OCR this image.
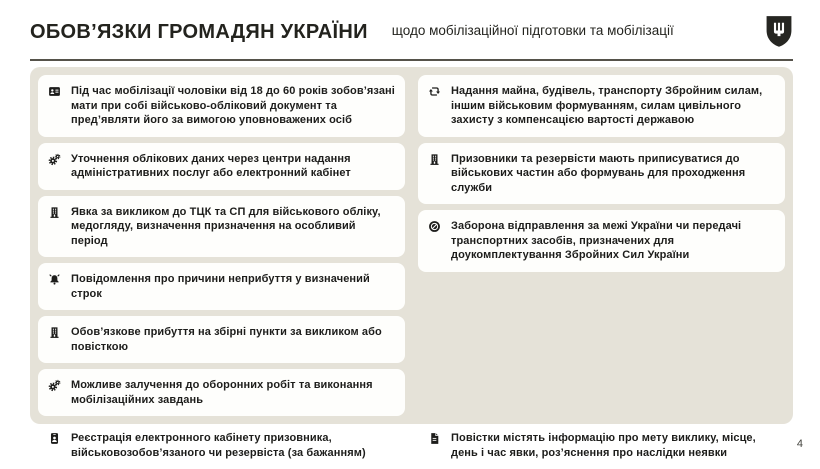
ОБОВ’ЯЗКИ ГРОМАДЯН УКРАЇНИ щодо мобілізаційної підготовки та мобілізації
Під час мобілізації чоловіки від 18 до 60 років зобов’язані мати при собі військово-обліковий документ та пред’являти його за вимогою уповноважених осіб
Уточнення облікових даних через центри надання адміністративних послуг або електронний кабінет
Явка за викликом до ТЦК та СП для військового обліку, медогляду, визначення призначення на особливий період
Повідомлення про причини неприбуття у визначений строк
Обов’язкове прибуття на збірні пункти за викликом або повісткою
Можливе залучення до оборонних робіт та виконання мобілізаційних завдань
Реєстрація електронного кабінету призовника, військовозобов’язаного чи резервіста (за бажанням)
Надання майна, будівель, транспорту Збройним силам, іншим військовим формуванням, силам цивільного захисту з компенсацією вартості державою
Призовники та резервісти мають приписуватися до військових частин або формувань для проходження служби
Заборона відправлення за межі України чи передачі транспортних засобів, призначених для доукомплектування Збройних Сил України
Повістки містять інформацію про мету виклику, місце, день і час явки, роз’яснення про наслідки неявки
4
